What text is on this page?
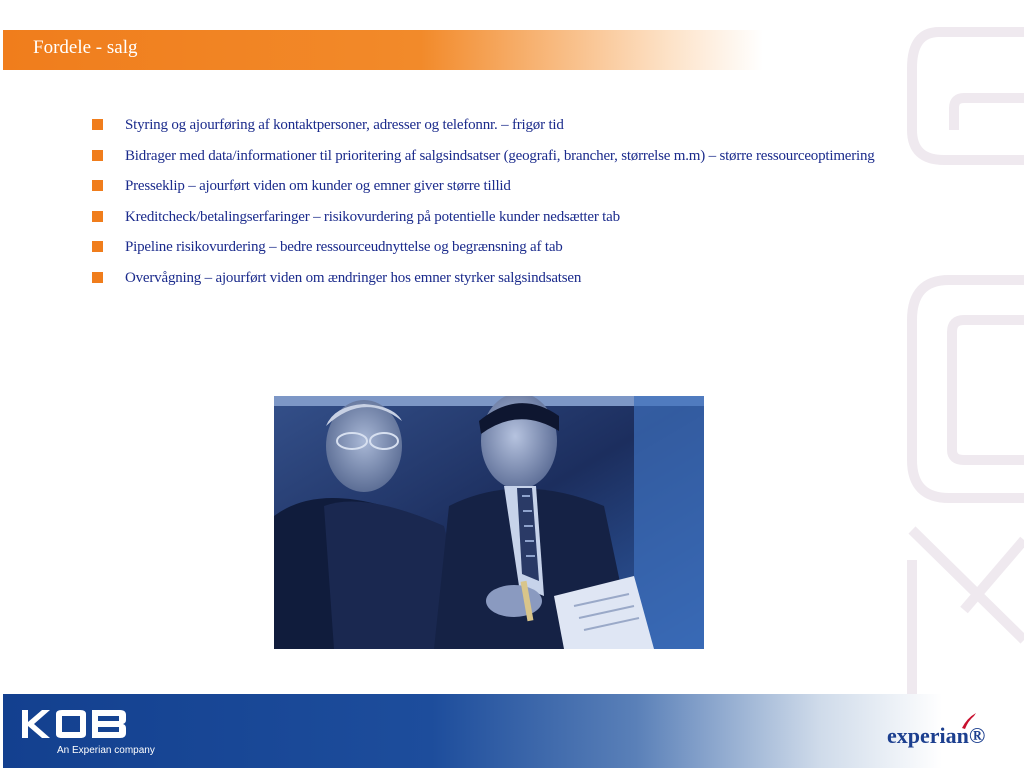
Fordele - salg
Styring og ajourføring af kontaktpersoner, adresser og telefonnr. – frigør tid
Bidrager med data/informationer til prioritering af salgsindsatser (geografi, brancher, størrelse m.m) – større ressourceoptimering
Presseklip – ajourført viden om kunder og emner giver større tillid
Kreditcheck/betalingserfaringer – risikovurdering på potentielle kunder nedsætter tab
Pipeline risikovurdering – bedre ressourceudnyttelse og begrænsning af tab
Overvågning – ajourført viden om ændringer hos emner styrker salgsindsatsen
An Experian company
experian®
